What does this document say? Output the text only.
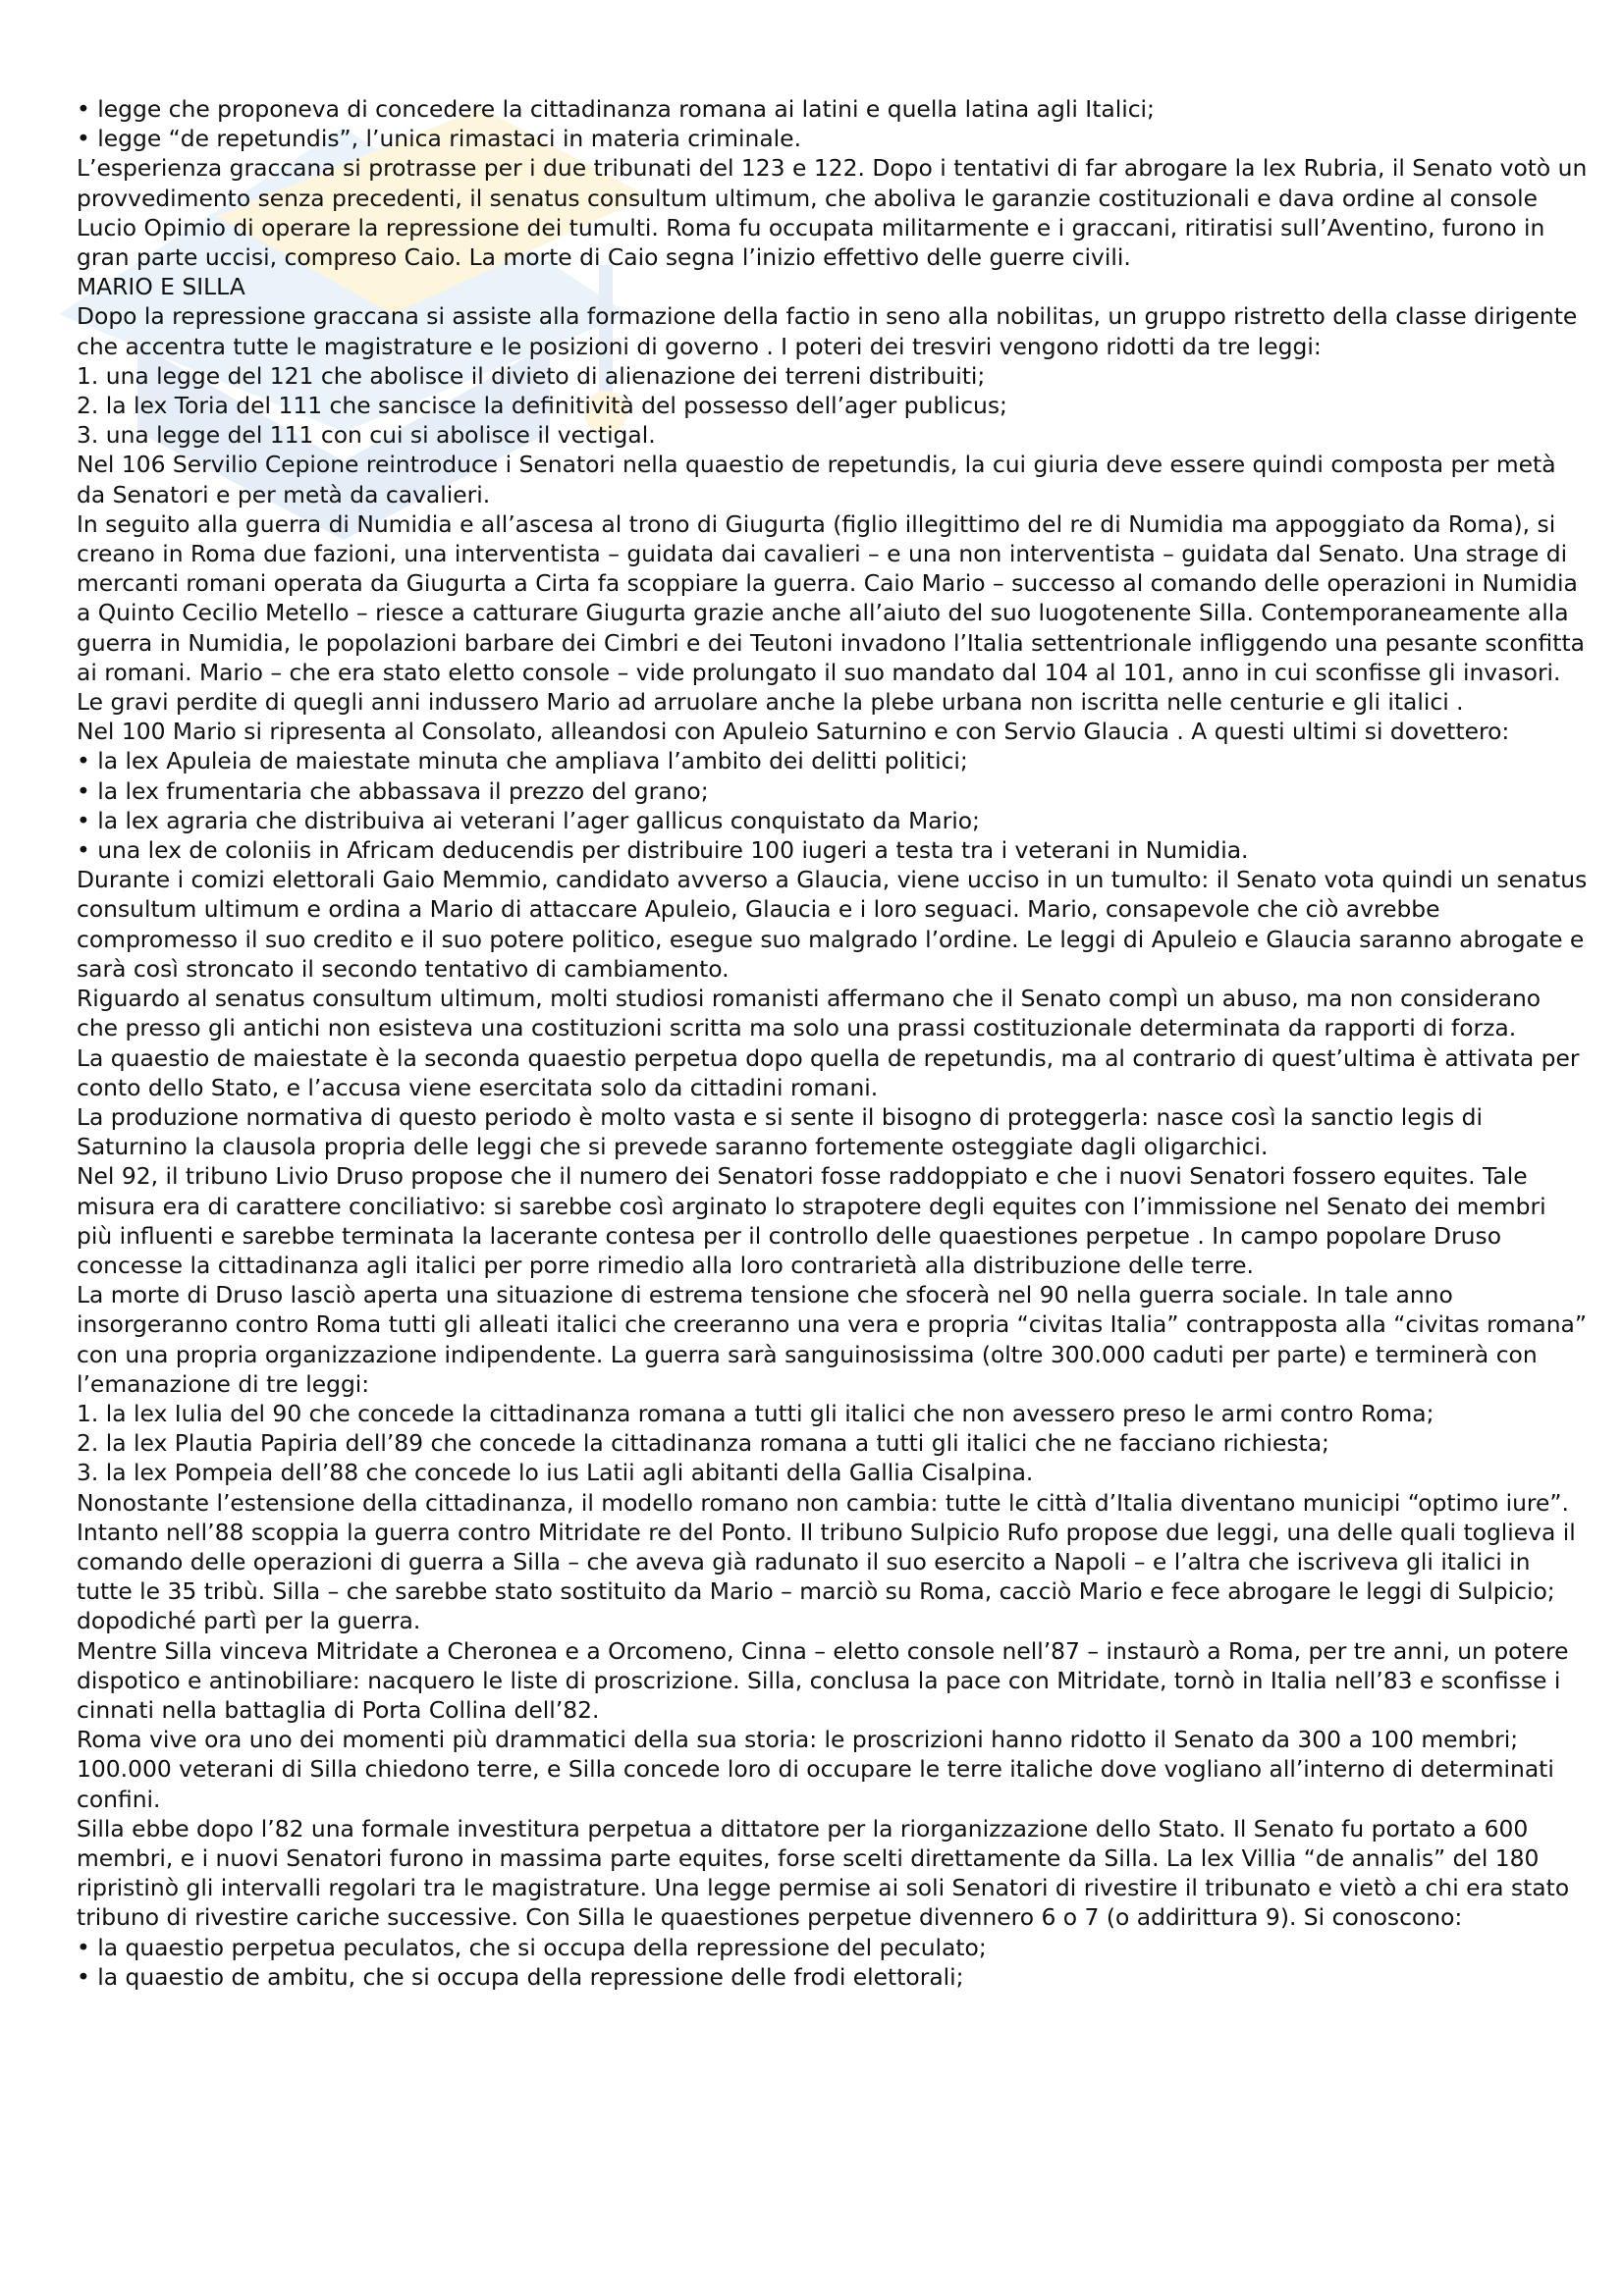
• legge che proponeva di concedere la cittadinanza romana ai latini e quella latina agli Italici;

• legge “de repetundis”, l’unica rimastaci in materia criminale.

L’esperienza graccana si protrasse per i due tribunati del 123 e 122. Dopo i tentativi di far abrogare la lex Rubria, il Senato votò un provvedimento senza precedenti, il senatus consultum ultimum, che aboliva le garanzie costituzionali e dava ordine al console Lucio Opimio di operare la repressione dei tumulti. Roma fu occupata militarmente e i graccani, ritiratisi sull’Aventino, furono in gran parte uccisi, compreso Caio. La morte di Caio segna l’inizio effettivo delle guerre civili.

MARIO E SILLA

Dopo la repressione graccana si assiste alla formazione della factio in seno alla nobilitas, un gruppo ristretto della classe dirigente che accentra tutte le magistrature e le posizioni di governo . I poteri dei tresviri vengono ridotti da tre leggi:

1. una legge del 121 che abolisce il divieto di alienazione dei terreni distribuiti;
2. la lex Toria del 111 che sancisce la definitività del possesso dell’ager publicus;
3. una legge del 111 con cui si abolisce il vectigal.

Nel 106 Servilio Cepione reintroduce i Senatori nella quaestio de repetundis, la cui giuria deve essere quindi composta per metà da Senatori e per metà da cavalieri.

In seguito alla guerra di Numidia e all’ascesa al trono di Giugurta (figlio illegittimo del re di Numidia ma appoggiato da Roma), si creano in Roma due fazioni, una interventista – guidata dai cavalieri – e una non interventista – guidata dal Senato. Una strage di mercanti romani operata da Giugurta a Cirta fa scoppiare la guerra. Caio Mario – successo al comando delle operazioni in Numidia a Quinto Cecilio Metello – riesce a catturare Giugurta grazie anche all’aiuto del suo luogotenente Silla. Contemporaneamente alla guerra in Numidia, le popolazioni barbare dei Cimbri e dei Teutoni invadono l’Italia settentrionale infliggendo una pesante sconfitta ai romani. Mario – che era stato eletto console – vide prolungato il suo mandato dal 104 al 101, anno in cui sconfisse gli invasori. Le gravi perdite di quegli anni indussero Mario ad arruolare anche la plebe urbana non iscritta nelle centurie e gli italici .

Nel 100 Mario si ripresenta al Consolato, alleandosi con Apuleio Saturnino e con Servio Glaucia . A questi ultimi si dovettero:

• la lex Apuleia de maiestate minuta che ampliava l’ambito dei delitti politici;
• la lex frumentaria che abbassava il prezzo del grano;
• la lex agraria che distribuiva ai veterani l’ager gallicus conquistato da Mario;
• una lex de coloniis in Africam deducendis per distribuire 100 iugeri a testa tra i veterani in Numidia.

Durante i comizi elettorali Gaio Memmio, candidato avverso a Glaucia, viene ucciso in un tumulto: il Senato vota quindi un senatus consultum ultimum e ordina a Mario di attaccare Apuleio, Glaucia e i loro seguaci. Mario, consapevole che ciò avrebbe compromesso il suo credito e il suo potere politico, esegue suo malgrado l’ordine. Le leggi di Apuleio e Glaucia saranno abrogate e sarà così stroncato il secondo tentativo di cambiamento.

Riguardo al senatus consultum ultimum, molti studiosi romanisti affermano che il Senato compì un abuso, ma non considerano che presso gli antichi non esisteva una costituzioni scritta ma solo una prassi costituzionale determinata da rapporti di forza.

La quaestio de maiestate è la seconda quaestio perpetua dopo quella de repetundis, ma al contrario di quest’ultima è attivata per conto dello Stato, e l’accusa viene esercitata solo da cittadini romani.

La produzione normativa di questo periodo è molto vasta e si sente il bisogno di proteggerla: nasce così la sanctio legis di Saturnino la clausola propria delle leggi che si prevede saranno fortemente osteggiate dagli oligarchici.

Nel 92, il tribuno Livio Druso propose che il numero dei Senatori fosse raddoppiato e che i nuovi Senatori fossero equites. Tale misura era di carattere conciliativo: si sarebbe così arginato lo strapotere degli equites con l’immissione nel Senato dei membri più influenti e sarebbe terminata la lacerante contesa per il controllo delle quaestiones perpetue . In campo popolare Druso concesse la cittadinanza agli italici per porre rimedio alla loro contrarietà alla distribuzione delle terre.

La morte di Druso lasciò aperta una situazione di estrema tensione che sfocerà nel 90 nella guerra sociale. In tale anno insorgeranno contro Roma tutti gli alleati italici che creeranno una vera e propria “civitas Italia” contrapposta alla “civitas romana” con una propria organizzazione indipendente. La guerra sarà sanguinosissima (oltre 300.000 caduti per parte) e terminerà con l’emanazione di tre leggi:

1. la lex Iulia del 90 che concede la cittadinanza romana a tutti gli italici che non avessero preso le armi contro Roma;
2. la lex Plautia Papiria dell’89 che concede la cittadinanza romana a tutti gli italici che ne facciano richiesta;
3. la lex Pompeia dell’88 che concede lo ius Latii agli abitanti della Gallia Cisalpina.

Nonostante l’estensione della cittadinanza, il modello romano non cambia: tutte le città d’Italia diventano municipi “optimo iure”.

Intanto nell’88 scoppia la guerra contro Mitridate re del Ponto. Il tribuno Sulpicio Rufo propose due leggi, una delle quali toglieva il comando delle operazioni di guerra a Silla – che aveva già radunato il suo esercito a Napoli – e l’altra che iscriveva gli italici in tutte le 35 tribù. Silla – che sarebbe stato sostituito da Mario – marciò su Roma, cacciò Mario e fece abrogare le leggi di Sulpicio; dopodiché partì per la guerra.

Mentre Silla vinceva Mitridate a Cheronea e a Orcomeno, Cinna – eletto console nell’87 – instaurò a Roma, per tre anni, un potere dispotico e antinobiliare: nacquero le liste di proscrizione. Silla, conclusa la pace con Mitridate, tornò in Italia nell’83 e sconfisse i cinnati nella battaglia di Porta Collina dell’82.

Roma vive ora uno dei momenti più drammatici della sua storia: le proscrizioni hanno ridotto il Senato da 300 a 100 membri; 100.000 veterani di Silla chiedono terre, e Silla concede loro di occupare le terre italiche dove vogliano all’interno di determinati confini.

Silla ebbe dopo l’82 una formale investitura perpetua a dittatore per la riorganizzazione dello Stato. Il Senato fu portato a 600 membri, e i nuovi Senatori furono in massima parte equites, forse scelti direttamente da Silla. La lex Villia “de annalis” del 180 ripristinò gli intervalli regolari tra le magistrature. Una legge permise ai soli Senatori di rivestire il tribunato e vietò a chi era stato tribuno di rivestire cariche successive. Con Silla le quaestiones perpetue divennero 6 o 7 (o addirittura 9). Si conoscono:

• la quaestio perpetua peculatos, che si occupa della repressione del peculato;
• la quaestio de ambitu, che si occupa della repressione delle frodi elettorali;
